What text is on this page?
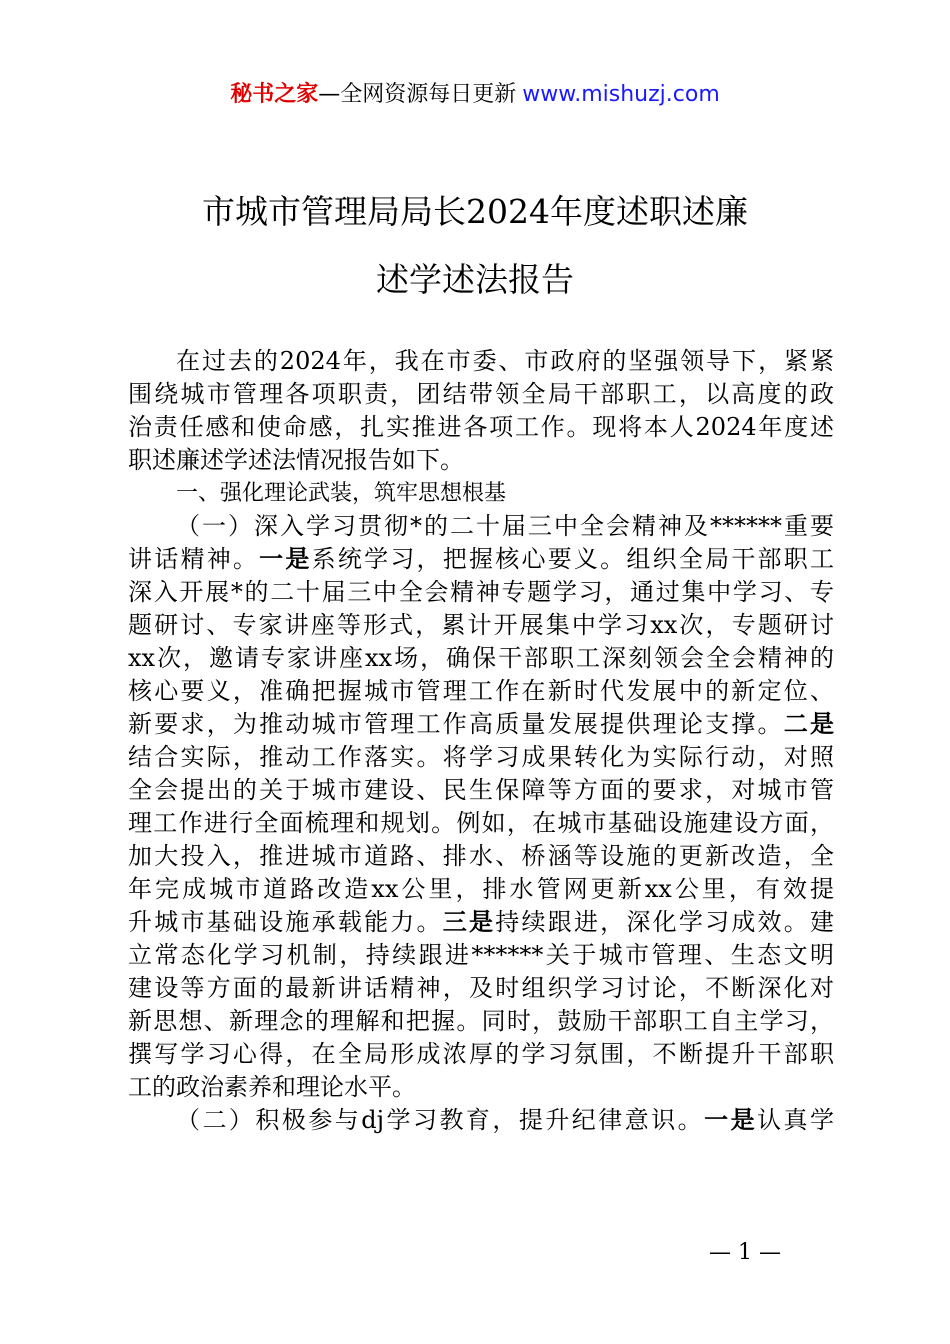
秘书之家—全网资源每日更新 www.mishuzj.com
市城市管理局局长2024年度述职述廉
述学述法报告
在过去的2024年，我在市委、市政府的坚强领导下，紧紧
围绕城市管理各项职责，团结带领全局干部职工，以高度的政
治责任感和使命感，扎实推进各项工作。现将本人2024年度述
职述廉述学述法情况报告如下。
一、强化理论武装，筑牢思想根基
（一）深入学习贯彻*的二十届三中全会精神及******重要
讲话精神。一是系统学习，把握核心要义。组织全局干部职工
深入开展*的二十届三中全会精神专题学习，通过集中学习、专
题研讨、专家讲座等形式，累计开展集中学习xx次，专题研讨
xx次，邀请专家讲座xx场，确保干部职工深刻领会全会精神的
核心要义，准确把握城市管理工作在新时代发展中的新定位、
新要求，为推动城市管理工作高质量发展提供理论支撑。二是
结合实际，推动工作落实。将学习成果转化为实际行动，对照
全会提出的关于城市建设、民生保障等方面的要求，对城市管
理工作进行全面梳理和规划。例如，在城市基础设施建设方面，
加大投入，推进城市道路、排水、桥涵等设施的更新改造，全
年完成城市道路改造xx公里，排水管网更新xx公里，有效提
升城市基础设施承载能力。三是持续跟进，深化学习成效。建
立常态化学习机制，持续跟进******关于城市管理、生态文明
建设等方面的最新讲话精神，及时组织学习讨论，不断深化对
新思想、新理念的理解和把握。同时，鼓励干部职工自主学习，
撰写学习心得，在全局形成浓厚的学习氛围，不断提升干部职
工的政治素养和理论水平。
（二）积极参与dj学习教育，提升纪律意识。一是认真学
— 1 —
